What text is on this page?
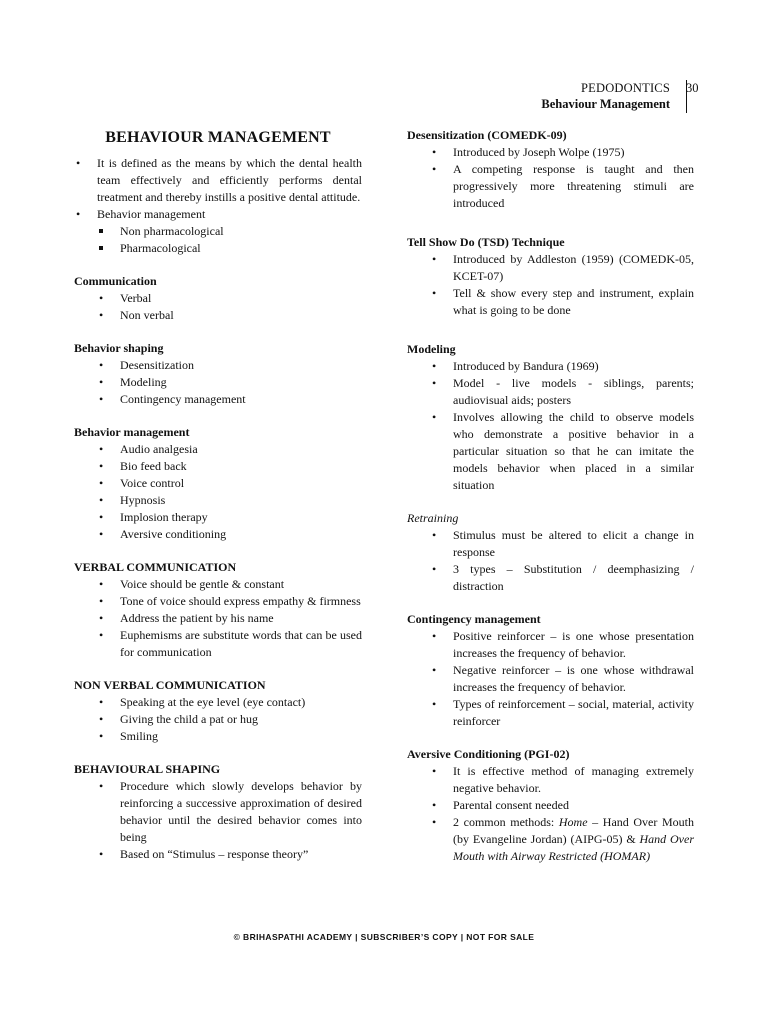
PEDODONTICS
Behaviour Management
30
BEHAVIOUR MANAGEMENT
• It is defined as the means by which the dental health team effectively and efficiently performs dental treatment and thereby instills a positive dental attitude.
• Behavior management
Non pharmacological
Pharmacological
Communication
• Verbal
• Non verbal
Behavior shaping
• Desensitization
• Modeling
• Contingency management
Behavior management
• Audio analgesia
• Bio feed back
• Voice control
• Hypnosis
• Implosion therapy
• Aversive conditioning
VERBAL COMMUNICATION
• Voice should be gentle & constant
• Tone of voice should express empathy & firmness
• Address the patient by his name
• Euphemisms are substitute words that can be used for communication
NON VERBAL COMMUNICATION
• Speaking at the eye level (eye contact)
• Giving the child a pat or hug
• Smiling
BEHAVIOURAL SHAPING
• Procedure which slowly develops behavior by reinforcing a successive approximation of desired behavior until the desired behavior comes into being
• Based on “Stimulus – response theory”
Desensitization (COMEDK-09)
• Introduced by Joseph Wolpe (1975)
• A competing response is taught and then progressively more threatening stimuli are introduced
Tell Show Do (TSD) Technique
• Introduced by Addleston (1959) (COMEDK-05, KCET-07)
• Tell & show every step and instrument, explain what is going to be done
Modeling
• Introduced by Bandura (1969)
• Model - live models - siblings, parents; audiovisual aids; posters
• Involves allowing the child to observe models who demonstrate a positive behavior in a particular situation so that he can imitate the models behavior when placed in a similar situation
Retraining
• Stimulus must be altered to elicit a change in response
• 3 types – Substitution / deemphasizing / distraction
Contingency management
• Positive reinforcer – is one whose presentation increases the frequency of behavior.
• Negative reinforcer – is one whose withdrawal increases the frequency of behavior.
• Types of reinforcement – social, material, activity reinforcer
Aversive Conditioning (PGI-02)
• It is effective method of managing extremely negative behavior.
• Parental consent needed
• 2 common methods: Home – Hand Over Mouth (by Evangeline Jordan) (AIPG-05) & Hand Over Mouth with Airway Restricted (HOMAR)
© BRIHASPATHI ACADEMY | SUBSCRIBER’S COPY | NOT FOR SALE
